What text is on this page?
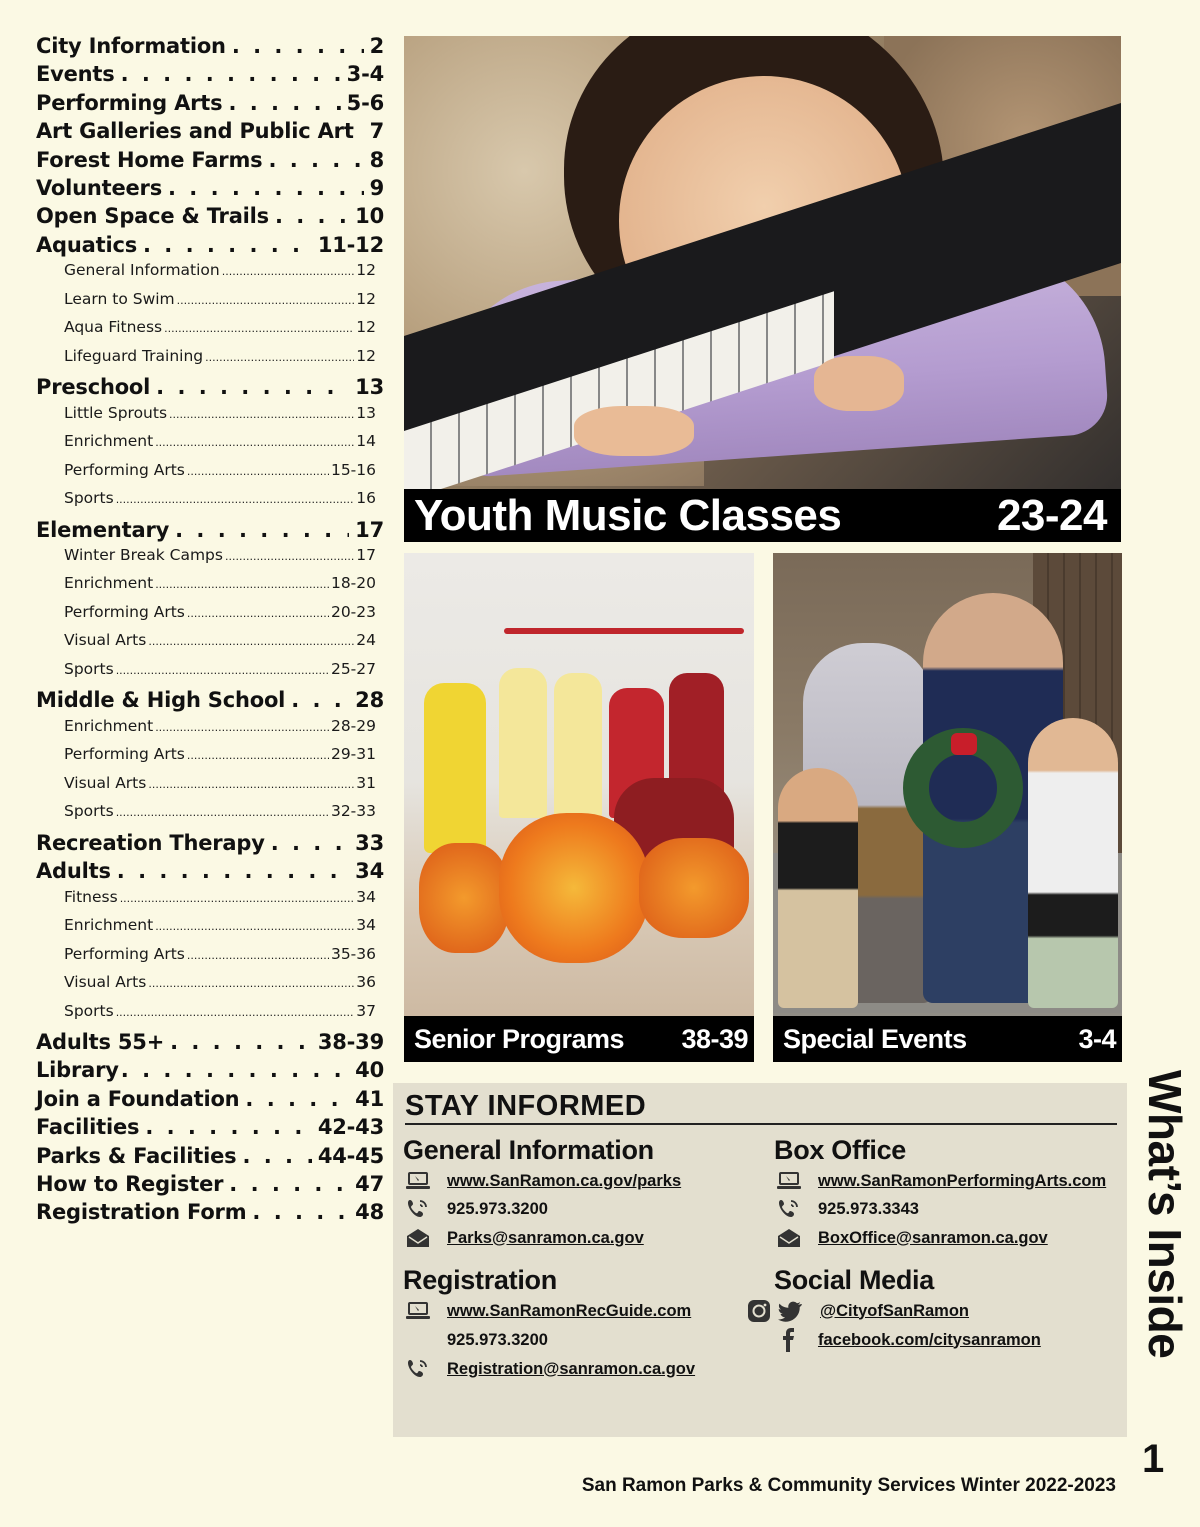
City Information . . .	2
Events . . .	3-4
Performing Arts . . .	5-6
Art Galleries and Public Art 7
Forest Home Farms . . .	8
Volunteers . . .	9
Open Space & Trails . . .	10
Aquatics . . .	11-12
General Information .....	12
Learn to Swim .....	12
Aqua Fitness .....	12
Lifeguard Training .....	12
Preschool . . .	13
Little Sprouts .....	13
Enrichment .....	14
Performing Arts .....	15-16
Sports .....	16
Elementary . . .	17
Winter Break Camps .....	17
Enrichment .....	18-20
Performing Arts .....	20-23
Visual Arts .....	24
Sports .....	25-27
Middle & High School . . .	28
Enrichment .....	28-29
Performing Arts .....	29-31
Visual Arts .....	31
Sports .....	32-33
Recreation Therapy . . .	33
Adults . . .	34
Fitness .....	34
Enrichment .....	34
Performing Arts .....	35-36
Visual Arts .....	36
Sports .....	37
Adults 55+ . . .	38-39
Library . . .	40
Join a Foundation . . .	41
Facilities . . .	42-43
Parks & Facilities . . .	44-45
How to Register . . .	47
Registration Form . . .	48
Youth Music Classes	23-24
Senior Programs 38-39 Special Events	3-4
STAY INFORMED
General Information
www.SanRamon.ca.gov/parks
925.973.3200
Parks@sanramon.ca.gov
Box Office
www.SanRamonPerformingArts.com
925.973.3343
BoxOffice@sanramon.ca.gov
Registration
www.SanRamonRecGuide.com
925.973.3200
Registration@sanramon.ca.gov
Social Media
@CityofSanRamon
facebook.com/citysanramon What’s Inside
1
San Ramon Parks & Community Services Winter 2022-2023
